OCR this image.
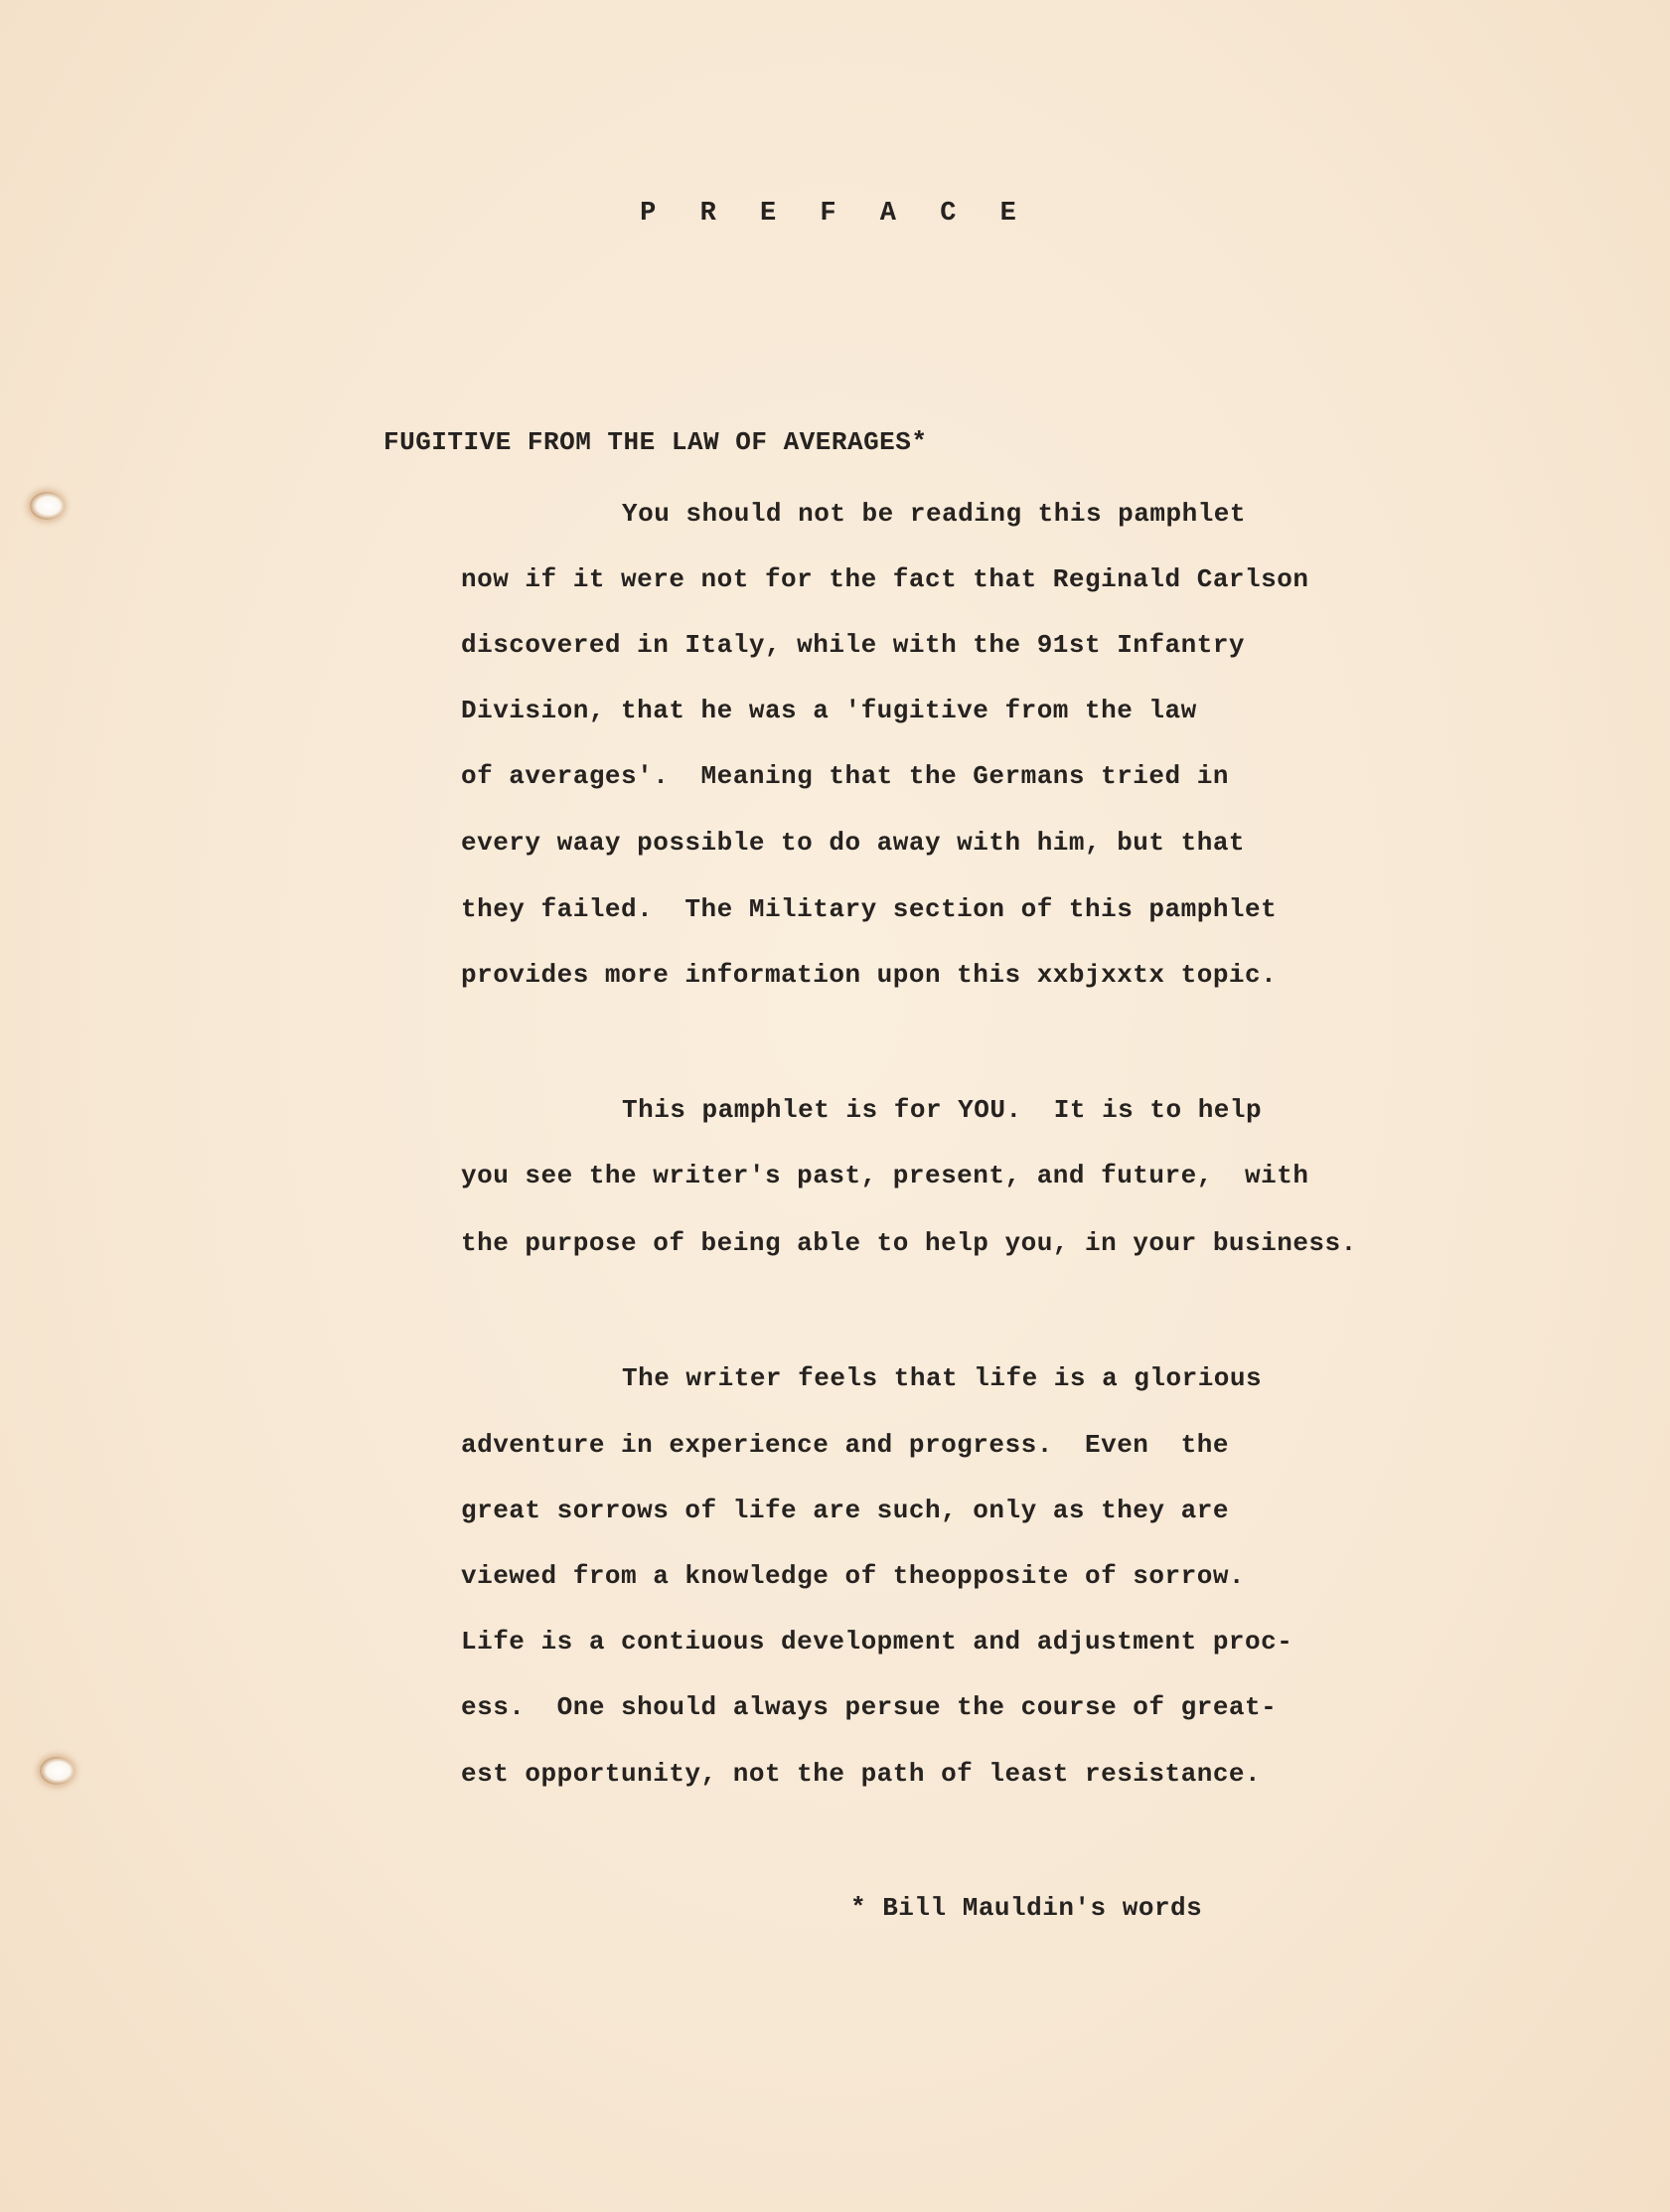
P R E F A C E
FUGITIVE FROM THE LAW OF AVERAGES*
You should not be reading this pamphlet
now if it were not for the fact that Reginald Carlson
discovered in Italy, while with the 91st Infantry
Division, that he was a 'fugitive from the law
of averages'.  Meaning that the Germans tried in
every waay possible to do away with him, but that
they failed.  The Military section of this pamphlet
provides more information upon this xxbjxxtx topic.
This pamphlet is for YOU.  It is to help
you see the writer's past, present, and future,  with
the purpose of being able to help you, in your business.
The writer feels that life is a glorious
adventure in experience and progress.  Even  the
great sorrows of life are such, only as they are
viewed from a knowledge of theopposite of sorrow.
Life is a contiuous development and adjustment proc-
ess.  One should always persue the course of great-
est opportunity, not the path of least resistance.
* Bill Mauldin's words
